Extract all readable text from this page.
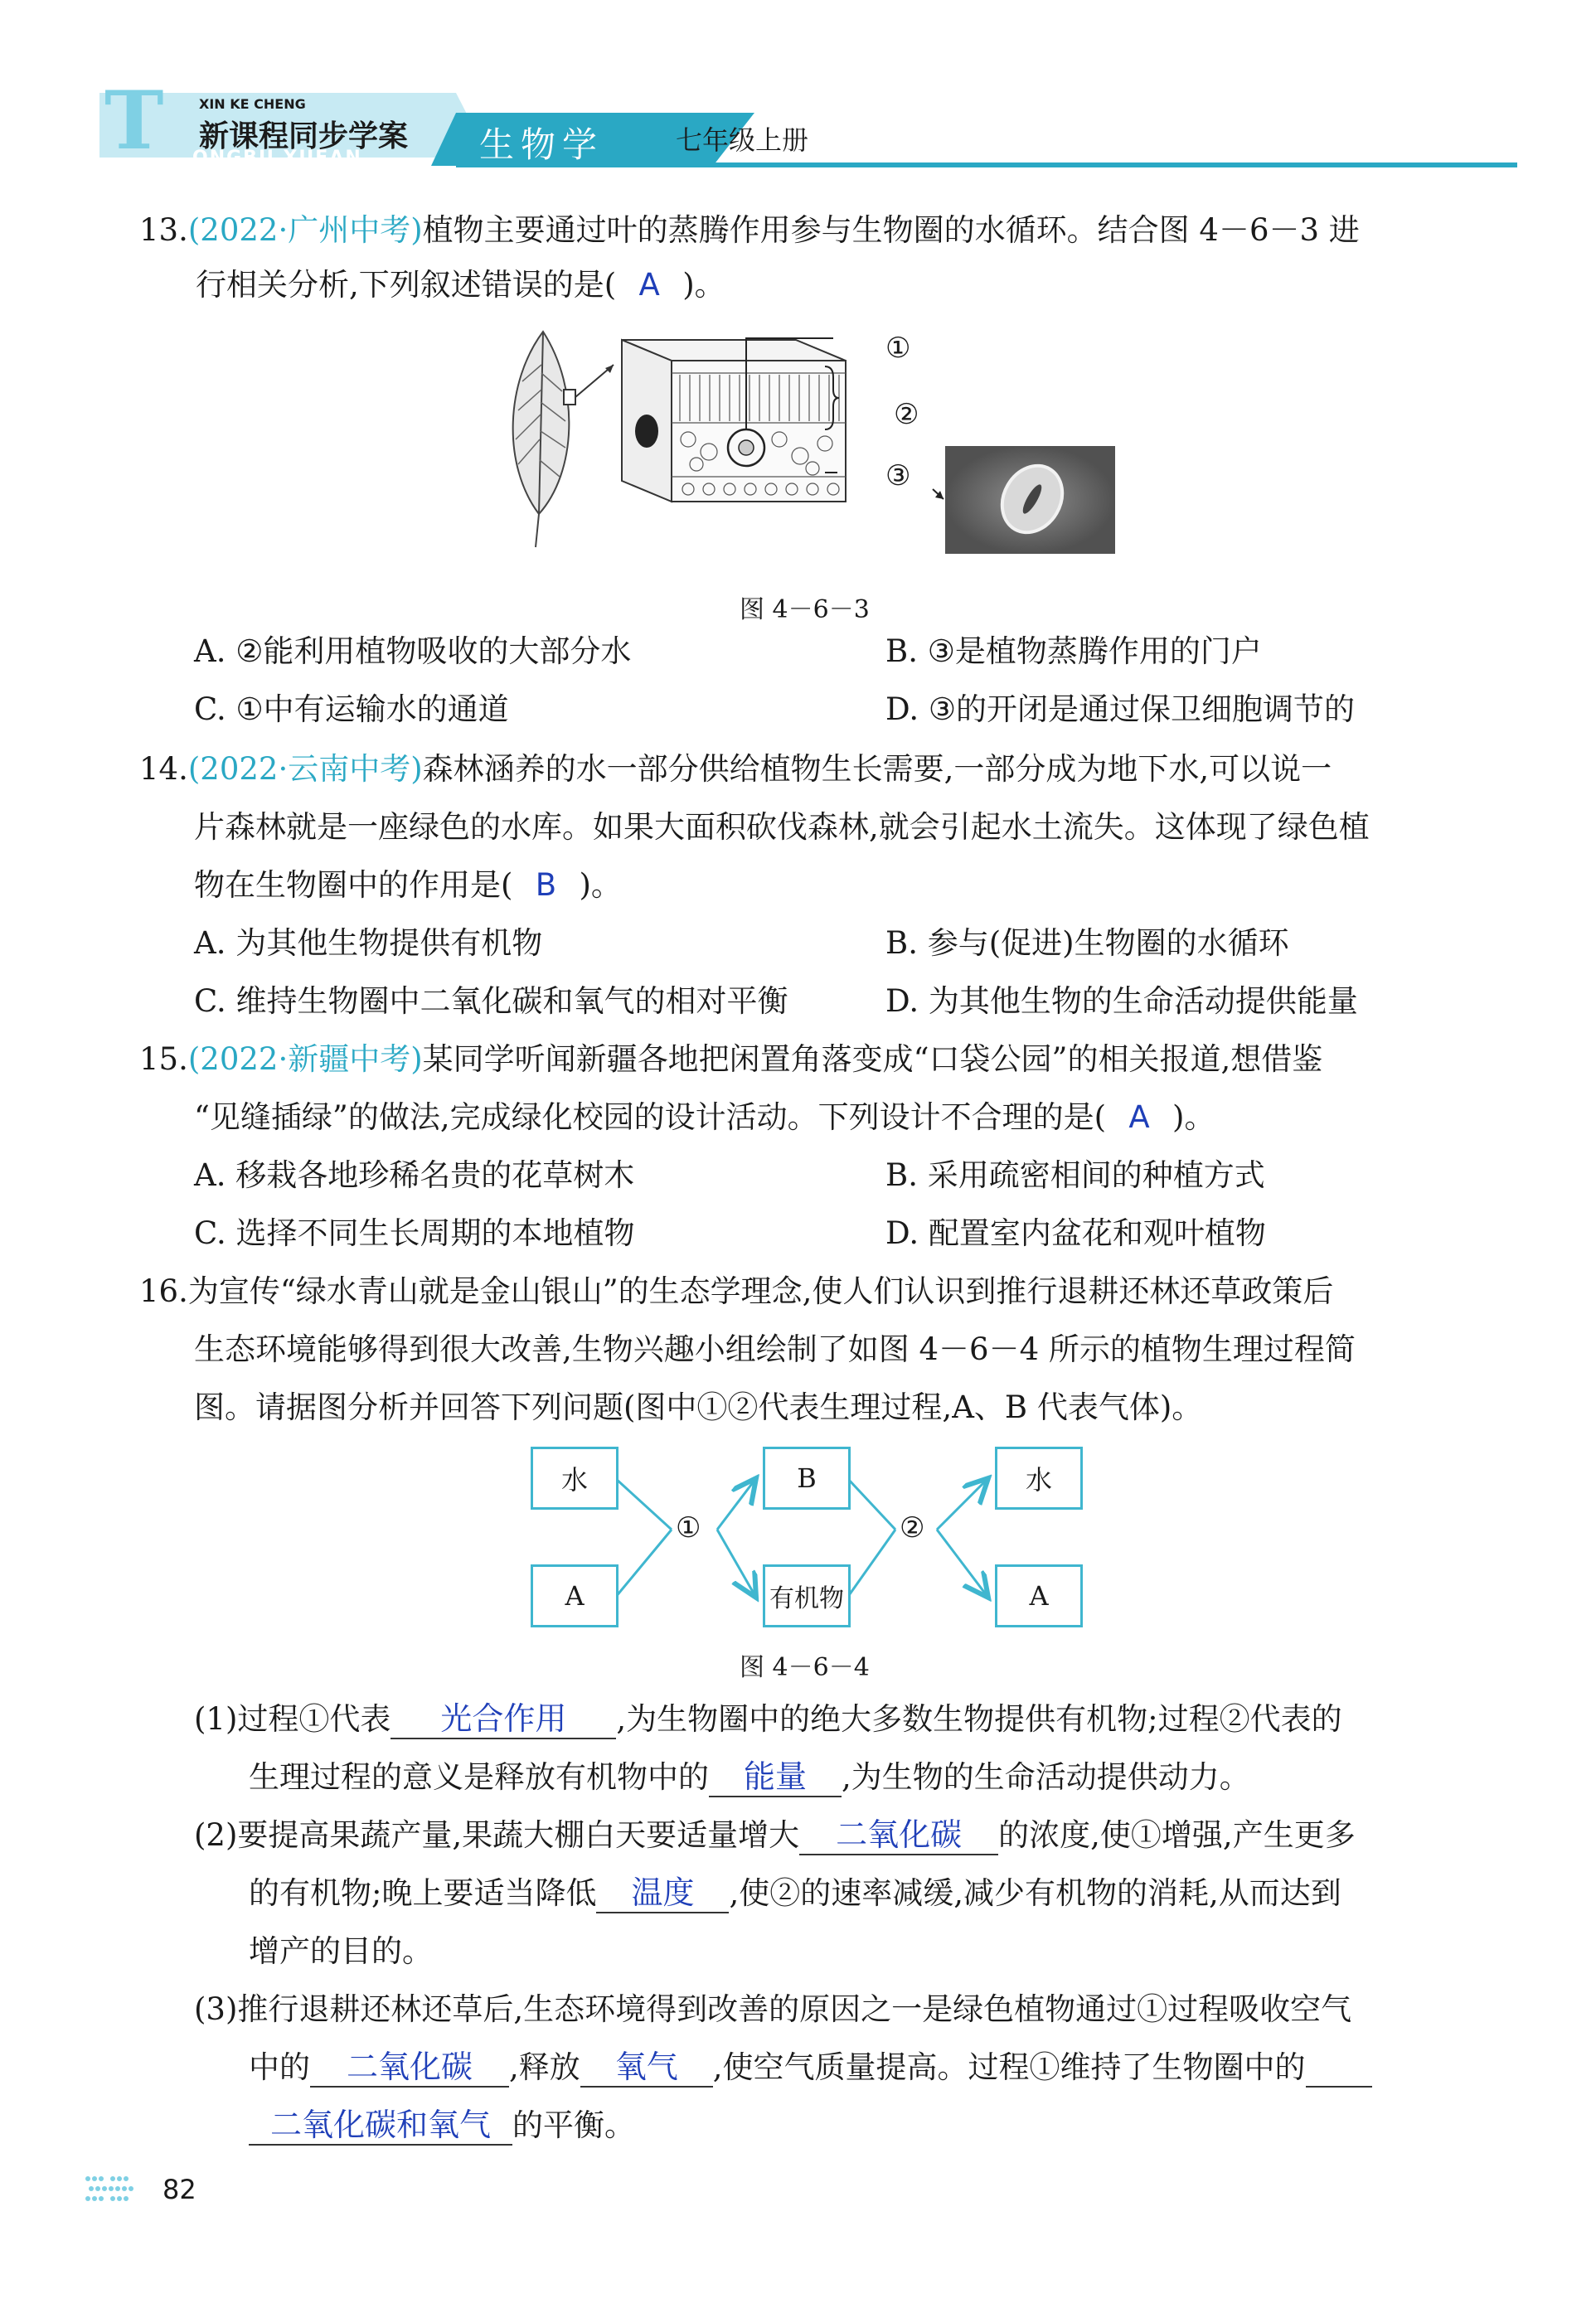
T	XIN KE CHENG
新课程同步学案
ONGBU XUEAN	生物学	七年级上册
13.(2022·广州中考)植物主要通过叶的蒸腾作用参与生物圈的水循环。结合图 4－6－3 进
行相关分析,下列叙述错误的是( A )。
①
②
③
图 4－6－3
A. ②能利用植物吸收的大部分水	B. ③是植物蒸腾作用的门户
C. ①中有运输水的通道	D. ③的开闭是通过保卫细胞调节的
14.(2022·云南中考)森林涵养的水一部分供给植物生长需要,一部分成为地下水,可以说一
片森林就是一座绿色的水库。如果大面积砍伐森林,就会引起水土流失。这体现了绿色植
物在生物圈中的作用是( B )。
A. 为其他生物提供有机物	B. 参与(促进)生物圈的水循环
C. 维持生物圈中二氧化碳和氧气的相对平衡	D. 为其他生物的生命活动提供能量
15.(2022·新疆中考)某同学听闻新疆各地把闲置角落变成“口袋公园”的相关报道,想借鉴
“见缝插绿”的做法,完成绿化校园的设计活动。下列设计不合理的是( A )。
A. 移栽各地珍稀名贵的花草树木	B. 采用疏密相间的种植方式
C. 选择不同生长周期的本地植物	D. 配置室内盆花和观叶植物
16.为宣传“绿水青山就是金山银山”的生态学理念,使人们认识到推行退耕还林还草政策后
生态环境能够得到很大改善,生物兴趣小组绘制了如图 4－6－4 所示的植物生理过程简
图。请据图分析并回答下列问题(图中①②代表生理过程,A、B 代表气体)。
水
A
①
B
有机物
②
水
A
图 4－6－4
(1)过程①代表 光合作用 ,为生物圈中的绝大多数生物提供有机物;过程②代表的
生理过程的意义是释放有机物中的 能量 ,为生物的生命活动提供动力。
(2)要提高果蔬产量,果蔬大棚白天要适量增大 二氧化碳 的浓度,使①增强,产生更多
的有机物;晚上要适当降低 温度 ,使②的速率减缓,减少有机物的消耗,从而达到
增产的目的。
(3)推行退耕还林还草后,生态环境得到改善的原因之一是绿色植物通过①过程吸收空气
中的 二氧化碳 ,释放 氧气 ,使空气质量提高。过程①维持了生物圈中的
二氧化碳和氧气 的平衡。
82
